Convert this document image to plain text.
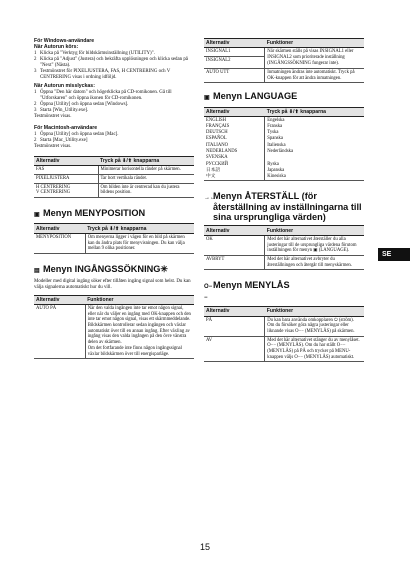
För Windows-användare
När Autorun körs:
1 Klicka på "Verktyg för bildskärmsinställning (UTILITY)".
2 Klicka på "Adjust" (Justera) och bekräfta upplösningen och klicka sedan på "Next" (Nästa).
3 Testmönstret för PIXELJUSTERA, FAS, H CENTRERING och V CENTRERING visas i ordning idföljd.
När Autorun misslyckas:
1 Öppna "Den här datorn" och högerklicka på CD-romikonen. Gå till "Utforskaren" och öppna ikonen för CD-romikonen.
2 Öppna [Utility] och öppna sedan [Windows].
3 Starta [Win_Utility.exe].
Testmönstret visas.
För Macintosh-användare
1 Öppna [Utility] och öppna sedan [Mac].
2 Starta [Mac_Utility.exe]
Testmönstret visas.
Alternativ	Tryck på ⬇/⬆ knapparna
FAS	Minimerar horisontella ränder på skärmen.
PIXELJUSTERA	Tar bort vertikala ränder.
H CENTRERING
V CENTRERING	Om bilden inte är centrerad kan du justera bildens position.
▣ Menyn MENYPOSITION
Alternativ	Tryck på ⬇/⬆ knapparna
MENYPOSITION	Om menyerna ligger i vägen för en bild på skärmen kan du ändra plats för menyvisningen. Du kan välja mellan 9 olika positioner.
▤ Menyn INGÅNGSSÖKNING✳
Modeller med digital ingång söker efter tillåten ingång signal som helst. Du kan välja signalerna automatiskt hur du vill.
Alternativ	Funktioner
AUTO PÅ	När den valda ingången inte tar emot någon signal, eller när du väljer en ingång med OK-knappen och den inte tar emot någon signal, visas ett skärmmeddelande. Bildskärmen kontrollerar sedan ingången och växlar automatiskt över till en annan ingång. Efter växling av ingång visas den valda ingången på den övre vänstra delen av skärmen.
Om det fortfarande inte finns någon ingångssignal växlar bildskärmen över till energisparläge.
Alternativ	Funktioner
INSIGNAL1	När skärmen ställs på visas INSIGNAL1 eller INSIGNAL2 som prioriterade inställning (INGÅNGSSÖKNING fungerar inte).
INSIGNAL2	
AUTO UTT	Inmatningen ändras inte automatiskt. Tryck på OK-knappen för att ändra inmatningen.
▣ Menyn LANGUAGE
Alternativ	Tryck på ⬇/⬆ knapparna
ENGLISH	Engelska
FRANÇAIS	Franska
DEUTSCH	Tyska
ESPAÑOL	Spanska
ITALIANO	Italienska
NEDERLANDS	Nederländska
SVENSKA	
РУССКИЙ	Ryska
日本語	Japanska
中文	Kinesiska
→←
Menyn ÅTERSTÄLL (för återställning av inställningarna till sina ursprungliga värden)
Alternativ	Funktioner
OK	Med det här alternativet återställer du alla justeringar till de ursprungliga värdena förutom inställningen för menyn ▣ (LANGUAGE).
AVBRYT	Med det här alternativet avbryter du återställningen och återgår till menyskärmen.
O−−
Menyn MENYLÅS
Alternativ	Funktioner
PÅ	Du kan bara använda omkopplaren ⏻ (ström). Om du försöker göra några justeringar eller liknande visas O−− (MENYLÅS) på skärmen.
AV	Med det här alternativet stänger du av menylåset. O−− (MENYLÅS). Om du har ställt O−− (MENYLÅS) på PÅ och trycker på MENU-knappen väljs O−− (MENYLÅS) automatiskt.
SE
15
